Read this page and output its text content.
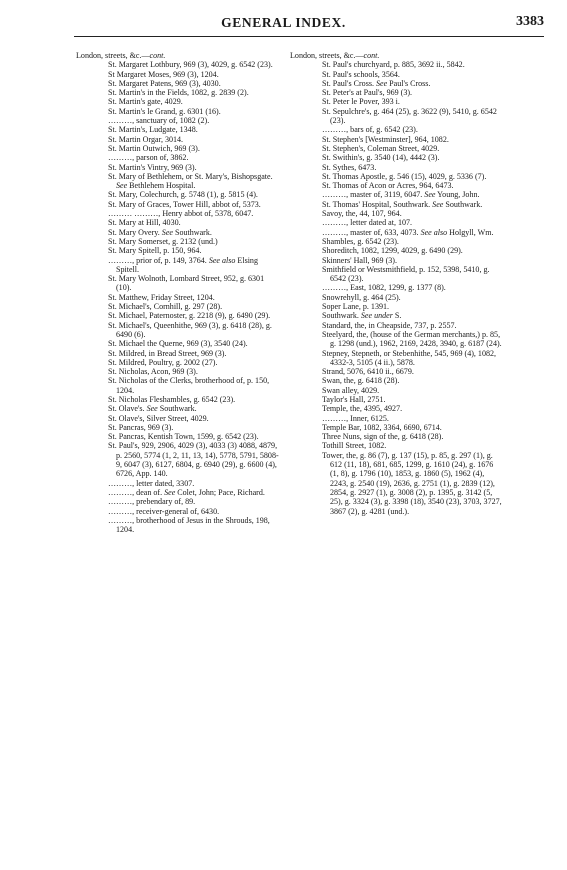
GENERAL INDEX.	3383

London, streets, &c.—cont.

St. Margaret Lothbury, 969 (3), 4029, g. 6542 (23).

St Margaret Moses, 969 (3), 1204.

St. Margaret Patens, 969 (3), 4030.

St. Martin's in the Fields, 1082, g. 2839 (2).

St. Martin's gate, 4029.

St. Martin's le Grand, g. 6301 (16).

………, sanctuary of, 1082 (2).

St. Martin's, Ludgate, 1348.

St. Martin Orgar, 3014.

St. Martin Outwich, 969 (3).

………, parson of, 3862.

St. Martin's Vintry, 969 (3).

St. Mary of Bethlehem, or St. Mary's, Bishopsgate. See Bethlehem Hospital.

St. Mary, Colechurch, g. 5748 (1), g. 5815 (4).

St. Mary of Graces, Tower Hill, abbot of, 5373.

……… ………, Henry abbot of, 5378, 6047.

St. Mary at Hill, 4030.

St. Mary Overy. See Southwark.

St. Mary Somerset, g. 2132 (und.)

St. Mary Spitell, p. 150, 964.

………, prior of, p. 149, 3764. See also Elsing Spitell.

St. Mary Wolnoth, Lombard Street, 952, g. 6301 (10).

St. Matthew, Friday Street, 1204.

St. Michael's, Cornhill, g. 297 (28).

St. Michael, Paternoster, g. 2218 (9), g. 6490 (29).

St. Michael's, Queenhithe, 969 (3), g. 6418 (28), g. 6490 (6).

St. Michael the Querne, 969 (3), 3540 (24).

St. Mildred, in Bread Street, 969 (3).

St. Mildred, Poultry, g. 2002 (27).

St. Nicholas, Acon, 969 (3).

St. Nicholas of the Clerks, brotherhood of, p. 150, 1204.

St. Nicholas Fleshambles, g. 6542 (23).

St. Olave's. See Southwark.

St. Olave's, Silver Street, 4029.

St. Pancras, 969 (3).

St. Pancras, Kentish Town, 1599, g. 6542 (23).

St. Paul's, 929, 2906, 4029 (3), 4033 (3) 4088, 4879, p. 2560, 5774 (1, 2, 11, 13, 14), 5778, 5791, 5808-9, 6047 (3), 6127, 6804, g. 6940 (29), g. 6600 (4), 6726, App. 140.

………, letter dated, 3307.

………, dean of. See Colet, John; Pace, Richard.

………, prebendary of, 89.

………, receiver-general of, 6430.

………, brotherhood of Jesus in the Shrouds, 198, 1204.

London, streets, &c.—cont.

St. Paul's churchyard, p. 885, 3692 ii., 5842.

St. Paul's schools, 3564.

St. Paul's Cross. See Paul's Cross.

St. Peter's at Paul's, 969 (3).

St. Peter le Pover, 393 i.

St. Sepulchre's, g. 464 (25), g. 3622 (9), 5410, g. 6542 (23).

………, bars of, g. 6542 (23).

St. Stephen's [Westminster], 964, 1082.

St. Stephen's, Coleman Street, 4029.

St. Swithin's, g. 3540 (14), 4442 (3).

St. Sythes, 6473.

St. Thomas Apostle, g. 546 (15), 4029, g. 5336 (7).

St. Thomas of Acon or Acres, 964, 6473.

………, master of, 3119, 6047. See Young, John.

St. Thomas' Hospital, Southwark. See Southwark.

Savoy, the, 44, 107, 964.

………, letter dated at, 107.

………, master of, 633, 4073. See also Holgyll, Wm.

Shambles, g. 6542 (23).

Shoreditch, 1082, 1299, 4029, g. 6490 (29).

Skinners' Hall, 969 (3).

Smithfield or Westsmithfield, p. 152, 5398, 5410, g. 6542 (23).

………, East, 1082, 1299, g. 1377 (8).

Snowrehyll, g. 464 (25).

Soper Lane, p. 1391.

Southwark. See under S.

Standard, the, in Cheapside, 737, p. 2557.

Steelyard, the, (house of the German merchants,) p. 85, g. 1298 (und.), 1962, 2169, 2428, 3940, g. 6187 (24).

Stepney, Stepneth, or Stebenhithe, 545, 969 (4), 1082, 4332-3, 5105 (4 ii.), 5878.

Strand, 5076, 6410 ii., 6679.

Swan, the, g. 6418 (28).

Swan alley, 4029.

Taylor's Hall, 2751.

Temple, the, 4395, 4927.

………, Inner, 6125.

Temple Bar, 1082, 3364, 6690, 6714.

Three Nuns, sign of the, g. 6418 (28).

Tothill Street, 1082.

Tower, the, g. 86 (7), g. 137 (15), p. 85, g. 297 (1), g. 612 (11, 18), 681, 685, 1299, g. 1610 (24), g. 1676 (1, 8), g. 1796 (10), 1853, g. 1860 (5), 1962 (4), 2243, g. 2540 (19), 2636, g. 2751 (1), g. 2839 (12), 2854, g. 2927 (1), g. 3008 (2), p. 1395, g. 3142 (5, 25), g. 3324 (3), g. 3398 (18), 3540 (23), 3703, 3727, 3867 (2), g. 4281 (und.).
